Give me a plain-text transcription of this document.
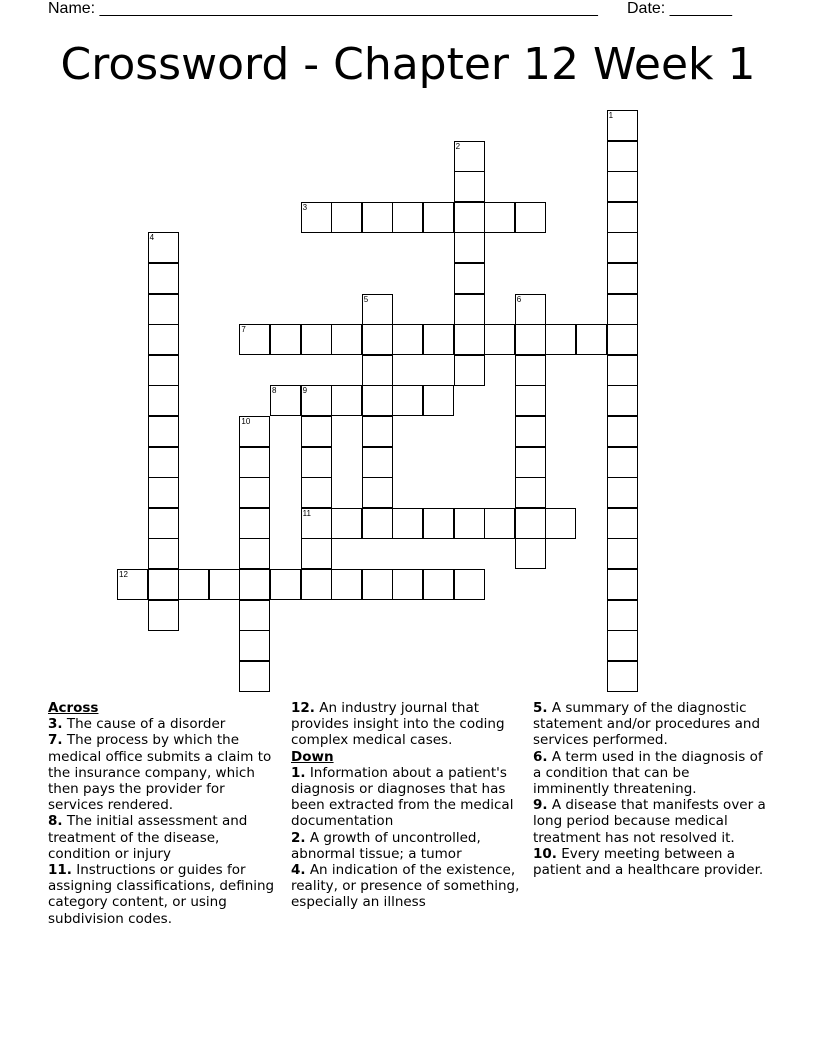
Name: ________________________________________________________ Date: _______
Crossword - Chapter 12 Week 1
1
2
3
4
5	6
7
8	9
11
10
12
Across
3. The cause of a disorder
7. The process by which the medical office submits a claim to the insurance company, which then pays the provider for services rendered.
8. The initial assessment and treatment of the disease, condition or injury
11. Instructions or guides for assigning classifications, defining category content, or using subdivision codes.
12. An industry journal that provides insight into the coding complex medical cases.
Down
1. Information about a patient's diagnosis or diagnoses that has been extracted from the medical documentation
2. A growth of uncontrolled, abnormal tissue; a tumor
4. An indication of the existence, reality, or presence of something, especially an illness
5. A summary of the diagnostic statement and/or procedures and services performed.
6. A term used in the diagnosis of a condition that can be imminently threatening.
9. A disease that manifests over a long period because medical treatment has not resolved it.
10. Every meeting between a patient and a healthcare provider.
